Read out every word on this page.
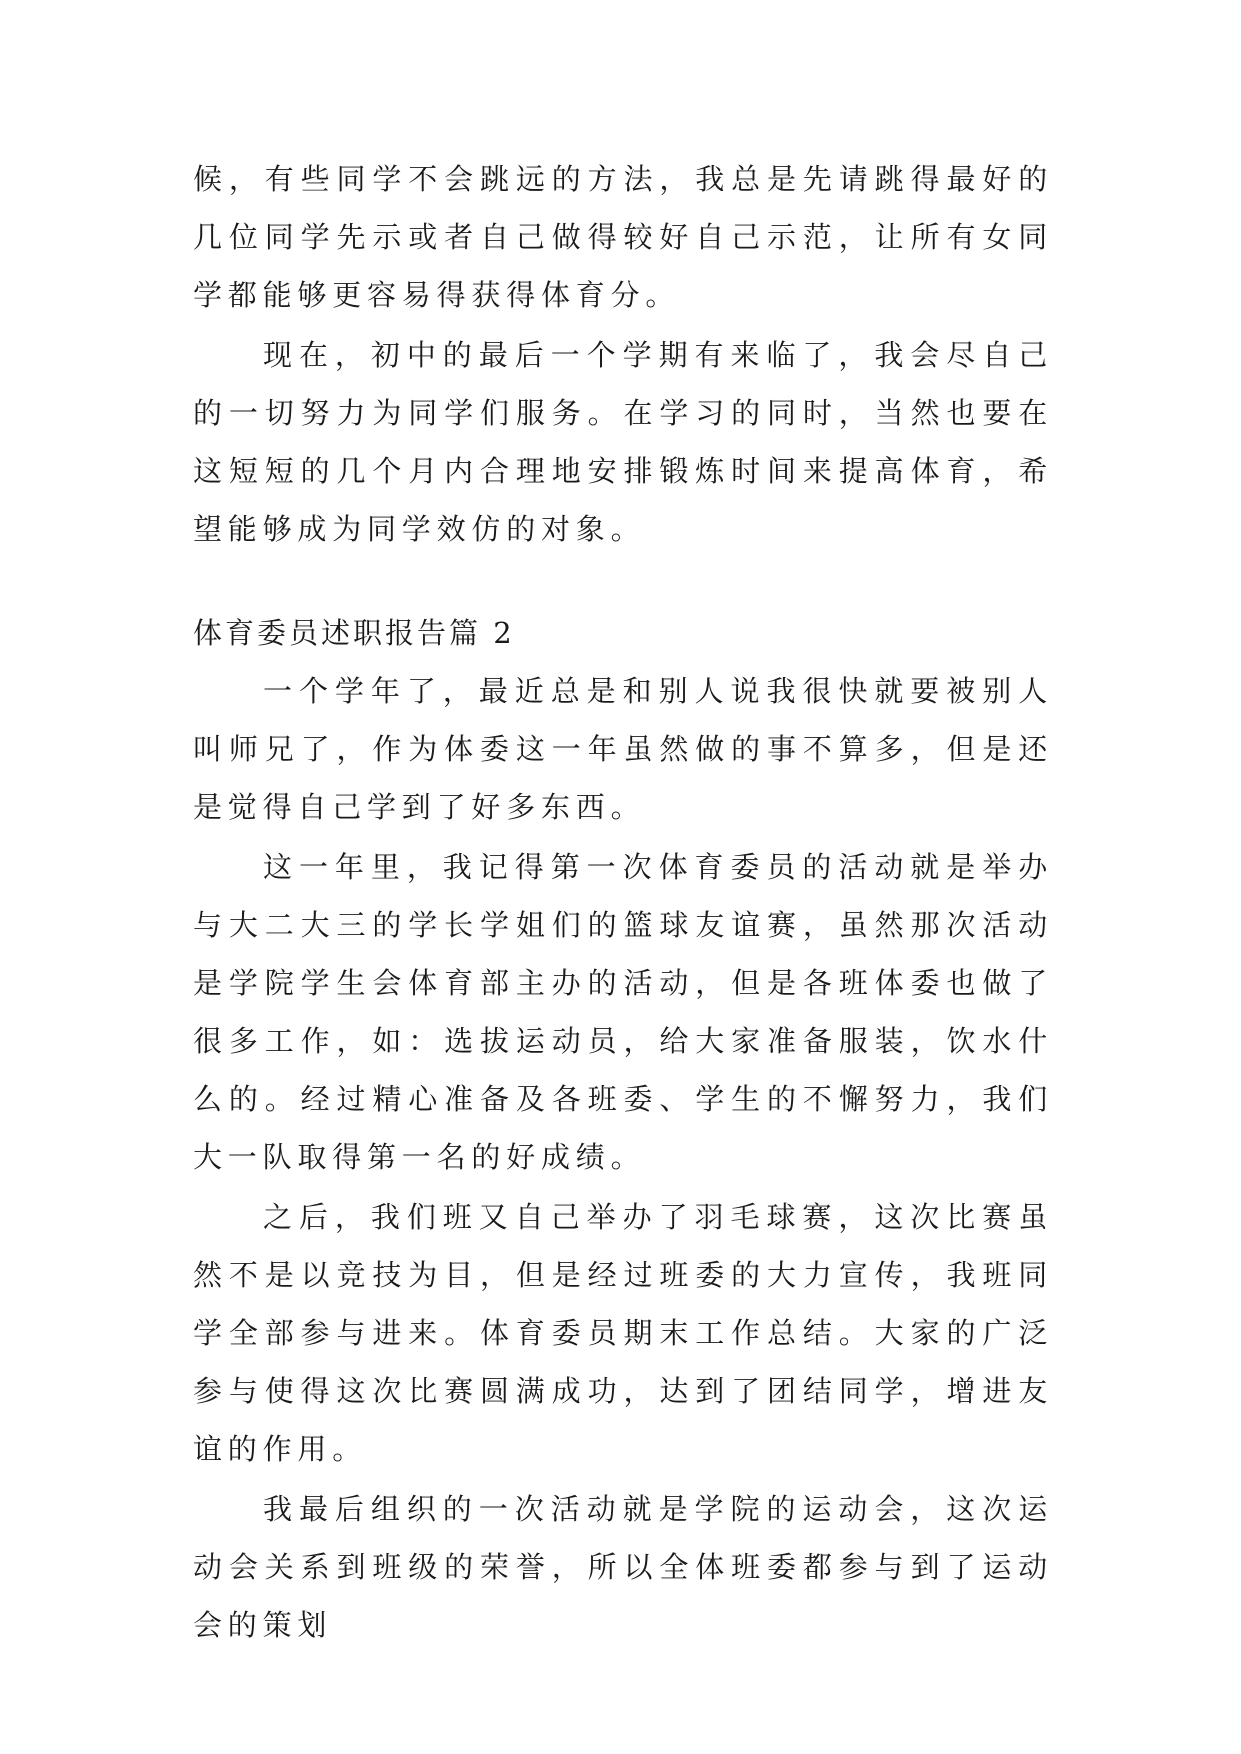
候，有些同学不会跳远的方法，我总是先请跳得最好的几位同学先示或者自己做得较好自己示范，让所有女同学都能够更容易得获得体育分。

现在，初中的最后一个学期有来临了，我会尽自己的一切努力为同学们服务。在学习的同时，当然也要在这短短的几个月内合理地安排锻炼时间来提高体育，希望能够成为同学效仿的对象。

体育委员述职报告篇 2

一个学年了，最近总是和别人说我很快就要被别人叫师兄了，作为体委这一年虽然做的事不算多，但是还是觉得自己学到了好多东西。

这一年里，我记得第一次体育委员的活动就是举办与大二大三的学长学姐们的篮球友谊赛，虽然那次活动是学院学生会体育部主办的活动，但是各班体委也做了很多工作，如：选拔运动员，给大家准备服装，饮水什么的。经过精心准备及各班委、学生的不懈努力，我们大一队取得第一名的好成绩。

之后，我们班又自己举办了羽毛球赛，这次比赛虽然不是以竞技为目，但是经过班委的大力宣传，我班同学全部参与进来。体育委员期末工作总结。大家的广泛参与使得这次比赛圆满成功，达到了团结同学，增进友谊的作用。

我最后组织的一次活动就是学院的运动会，这次运动会关系到班级的荣誉，所以全体班委都参与到了运动会的策划
